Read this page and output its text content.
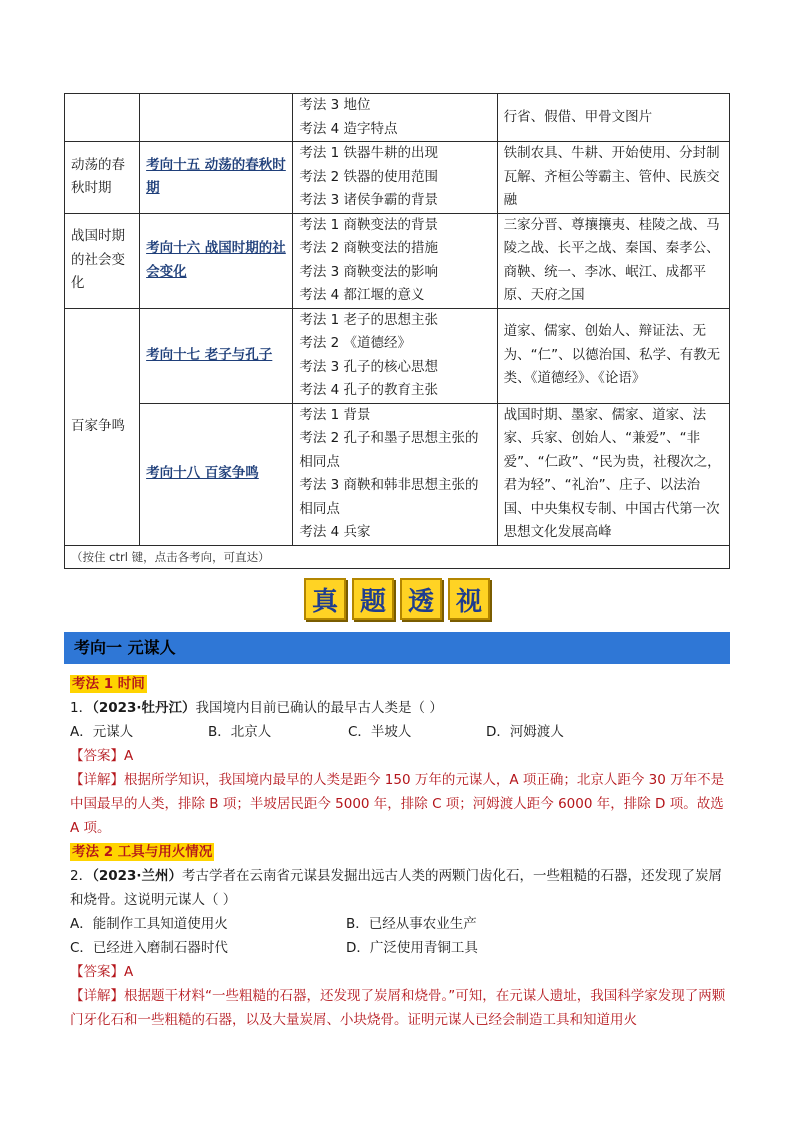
		考法 3 地位
考法 4 造字特点	行省、假借、甲骨文图片

动荡的春秋时期	考向十五 动荡的春秋时期	考法 1 铁器牛耕的出现
考法 2 铁器的使用范围
考法 3 诸侯争霸的背景	铁制农具、牛耕、开始使用、分封制瓦解、齐桓公等霸主、管仲、民族交融

战国时期的社会变化	考向十六 战国时期的社会变化	考法 1 商鞅变法的背景
考法 2 商鞅变法的措施
考法 3 商鞅变法的影响
考法 4 都江堰的意义	三家分晋、尊攘攘夷、桂陵之战、马陵之战、长平之战、秦国、秦孝公、商鞅、统一、李冰、岷江、成都平原、天府之国

百家争鸣	考向十七 老子与孔子	考法 1 老子的思想主张
考法 2 《道德经》
考法 3 孔子的核心思想
考法 4 孔子的教育主张	道家、儒家、创始人、辩证法、无为、“仁”、以德治国、私学、有教无类、《道德经》、《论语》

	考向十八 百家争鸣	考法 1 背景
考法 2 孔子和墨子思想主张的相同点
考法 3 商鞅和韩非思想主张的相同点
考法 4 兵家	战国时期、墨家、儒家、道家、法家、兵家、创始人、“兼爱”、“非爱”、“仁政”、“民为贵，社稷次之，君为轻”、“礼治”、庄子、以法治国、中央集权专制、中国古代第一次思想文化发展高峰

（按住 ctrl 键，点击各考向，可直达）			
真 题 透 视
考向一 元谋人
考法 1 时间
1．（2023·牡丹江）我国境内目前已确认的最早古人类是（ ）
A．元谋人	B．北京人	C．半坡人	D．河姆渡人
【答案】A
【详解】根据所学知识，我国境内最早的人类是距今 150 万年的元谋人，A 项正确；北京人距今 30 万年不是中国最早的人类，排除 B 项；半坡居民距今 5000 年，排除 C 项；河姆渡人距今 6000 年，排除 D 项。故选 A 项。
考法 2 工具与用火情况
2．（2023·兰州）考古学者在云南省元谋县发掘出远古人类的两颗门齿化石，一些粗糙的石器，还发现了炭屑和烧骨。这说明元谋人（ ）
A．能制作工具知道使用火	B．已经从事农业生产
C．已经进入磨制石器时代	D．广泛使用青铜工具
【答案】A
【详解】根据题干材料“一些粗糙的石器，还发现了炭屑和烧骨。”可知，在元谋人遗址，我国科学家发现了两颗门牙化石和一些粗糙的石器，以及大量炭屑、小块烧骨。证明元谋人已经会制造工具和知道用火
